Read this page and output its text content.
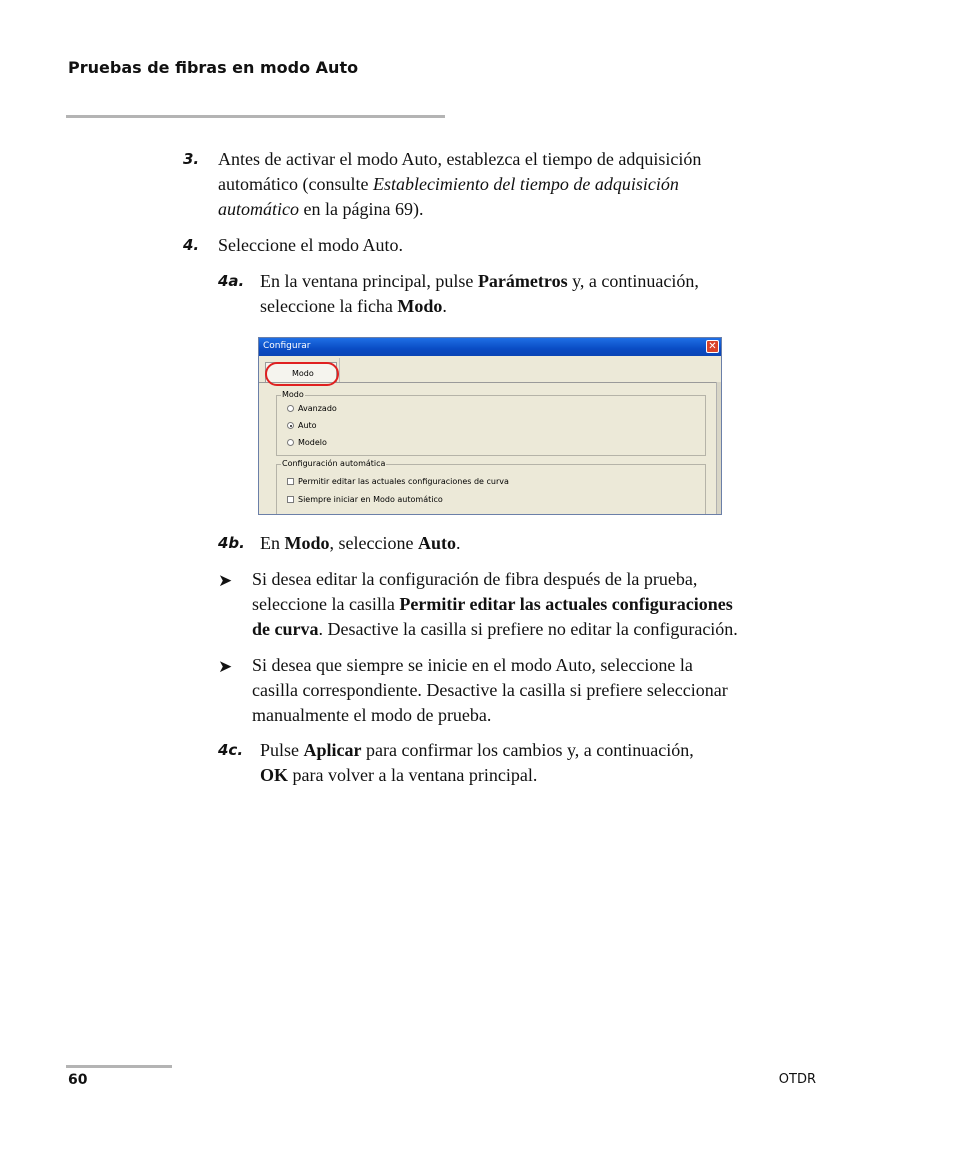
Pruebas de fibras en modo Auto
3. Antes de activar el modo Auto, establezca el tiempo de adquisición
automático (consulte Establecimiento del tiempo de adquisición
automático en la página 69).
4. Seleccione el modo Auto.
4a. En la ventana principal, pulse Parámetros y, a continuación,
seleccione la ficha Modo.
Configurar	✕
Modo
Modo
Avanzado
Auto
Modelo
Configuración automática
Permitir editar las actuales configuraciones de curva
Siempre iniciar en Modo automático
4b. En Modo, seleccione Auto.
➤ Si desea editar la configuración de fibra después de la prueba,
seleccione la casilla Permitir editar las actuales configuraciones
de curva. Desactive la casilla si prefiere no editar la configuración.
➤ Si desea que siempre se inicie en el modo Auto, seleccione la
casilla correspondiente. Desactive la casilla si prefiere seleccionar
manualmente el modo de prueba.
4c. Pulse Aplicar para confirmar los cambios y, a continuación,
OK para volver a la ventana principal.
60	OTDR
